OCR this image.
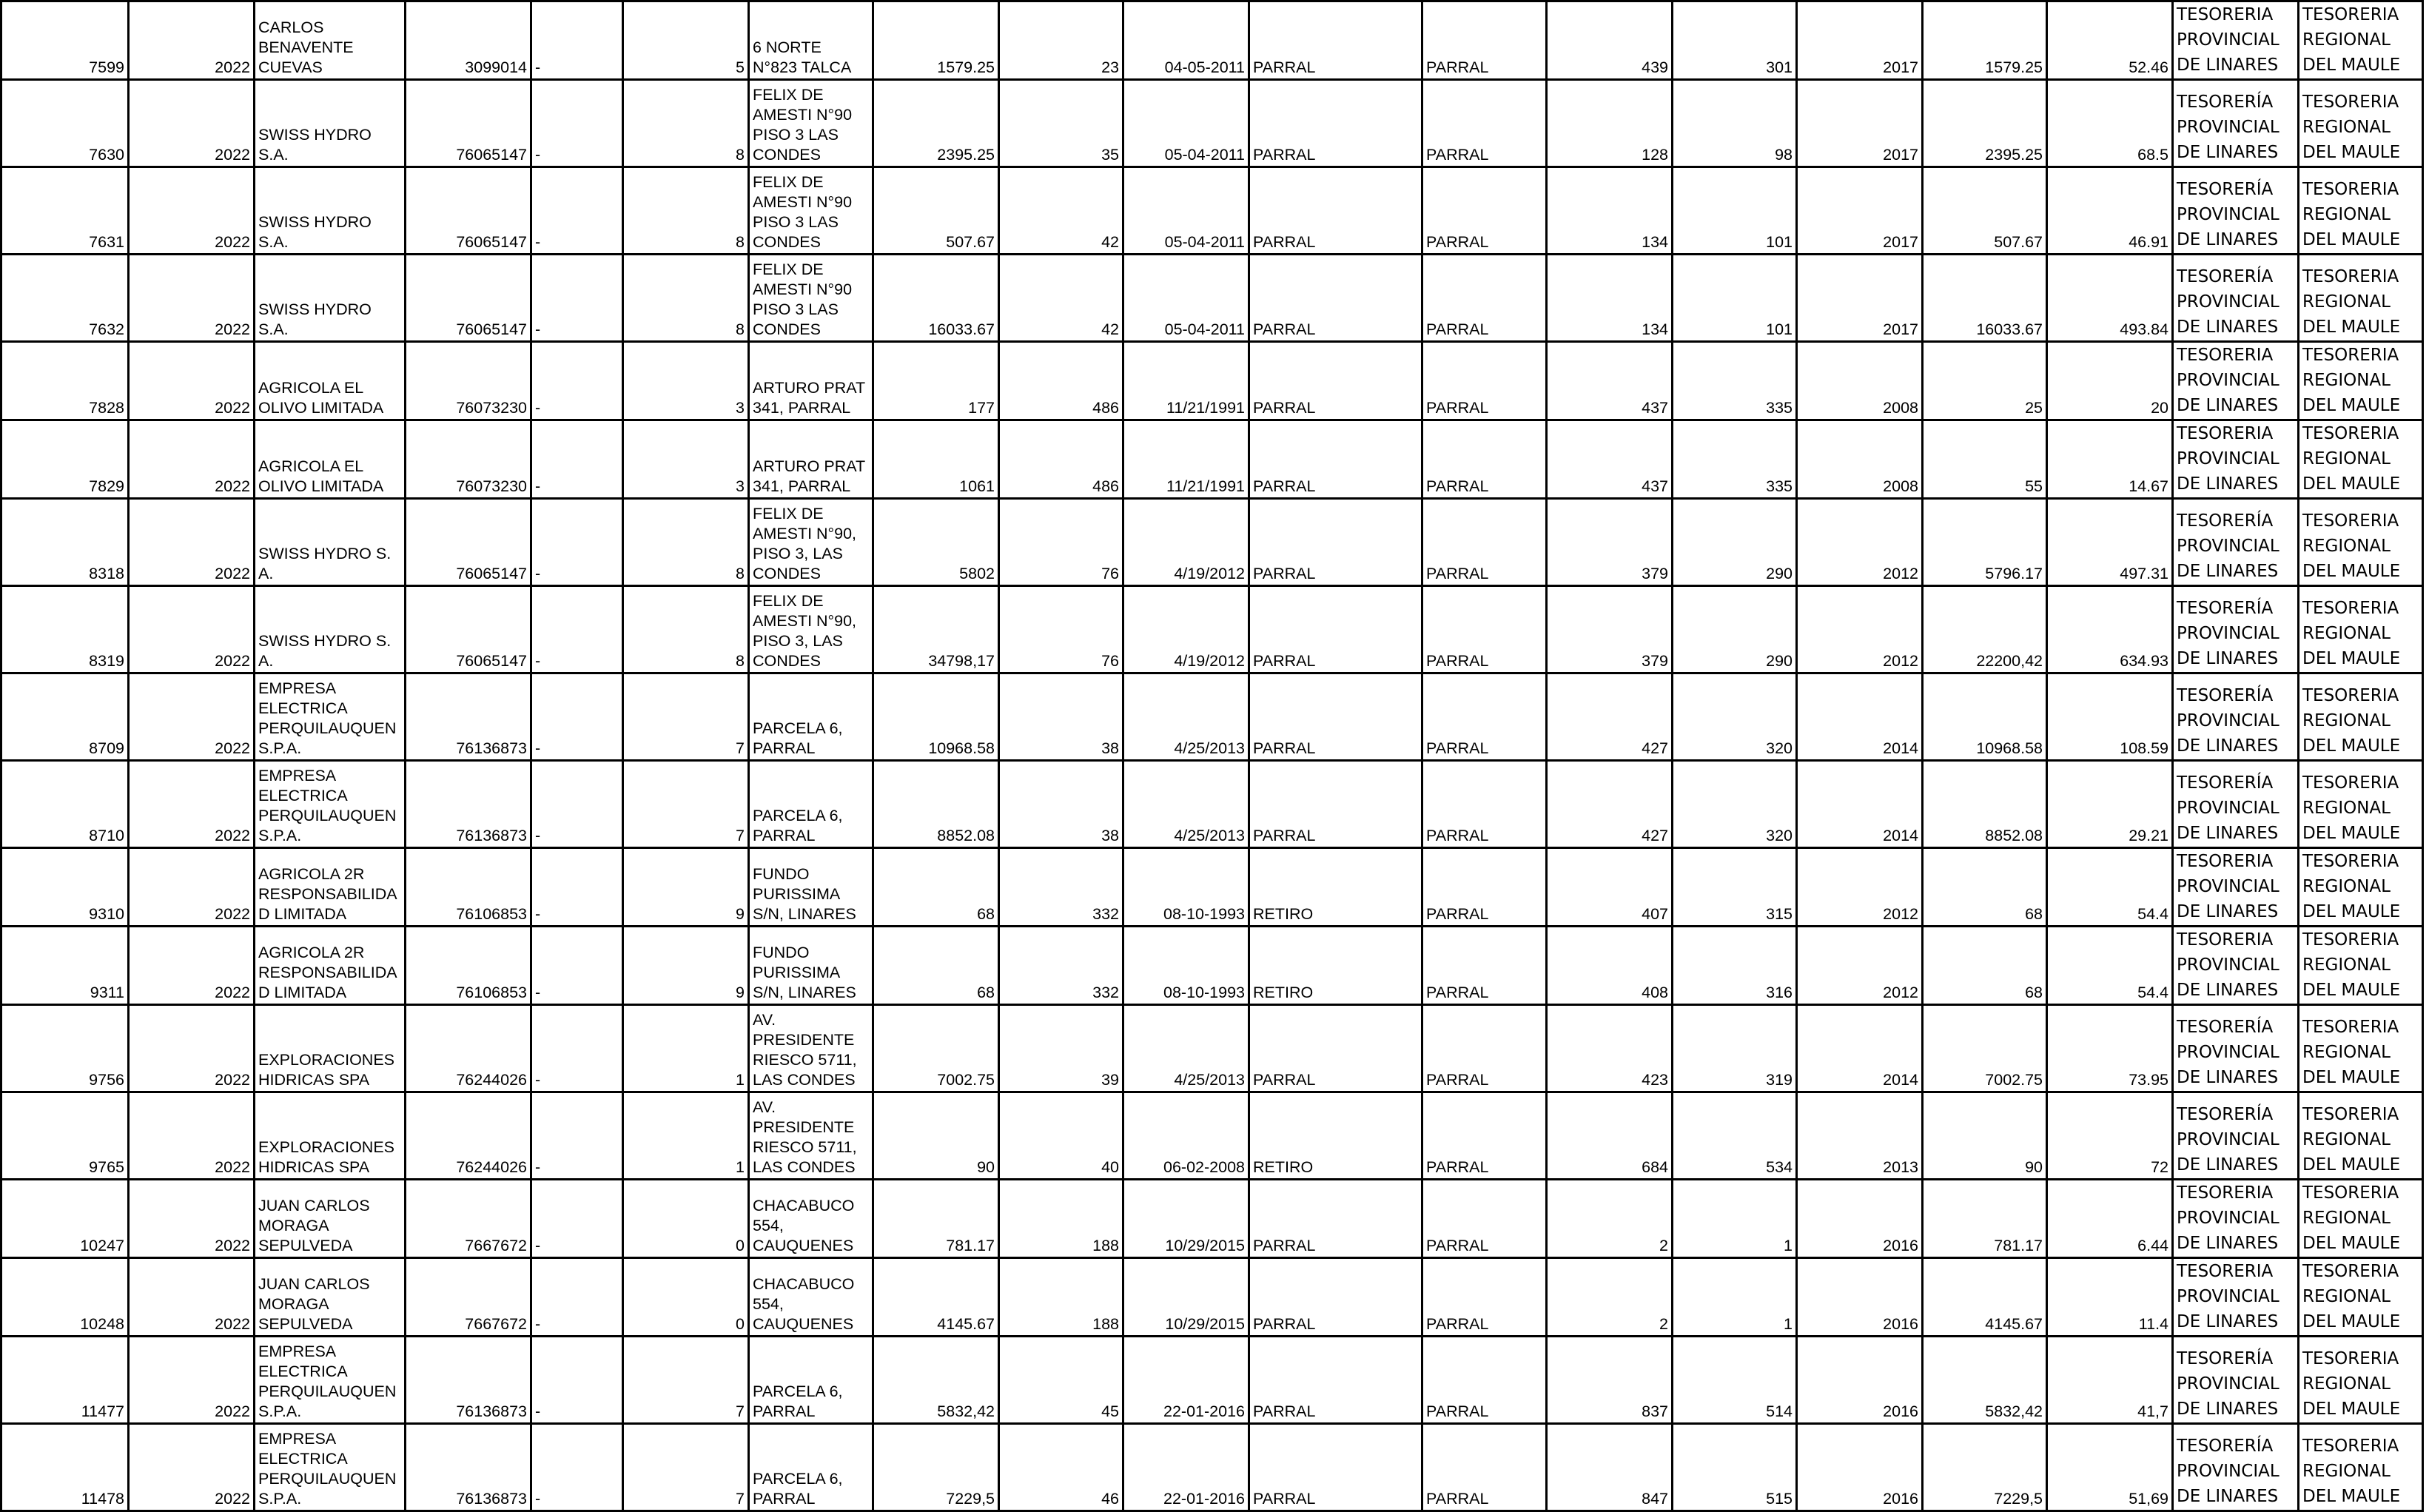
7599	2022	CARLOS BENAVENTE CUEVAS	3099014	-	5	6 NORTE N°823 TALCA	1579.25	23	04-05-2011	PARRAL	PARRAL	439	301	2017	1579.25	52.46	TESORERIA PROVINCIAL DE LINARES	TESORERIA REGIONAL DEL MAULE
7630	2022	SWISS HYDRO S.A.	76065147	-	8	FELIX DE AMESTI N°90 PISO 3 LAS CONDES	2395.25	35	05-04-2011	PARRAL	PARRAL	128	98	2017	2395.25	68.5	TESORERÍA PROVINCIAL DE LINARES	TESORERIA REGIONAL DEL MAULE
7631	2022	SWISS HYDRO S.A.	76065147	-	8	FELIX DE AMESTI N°90 PISO 3 LAS CONDES	507.67	42	05-04-2011	PARRAL	PARRAL	134	101	2017	507.67	46.91	TESORERÍA PROVINCIAL DE LINARES	TESORERIA REGIONAL DEL MAULE
7632	2022	SWISS HYDRO S.A.	76065147	-	8	FELIX DE AMESTI N°90 PISO 3 LAS CONDES	16033.67	42	05-04-2011	PARRAL	PARRAL	134	101	2017	16033.67	493.84	TESORERÍA PROVINCIAL DE LINARES	TESORERIA REGIONAL DEL MAULE
7828	2022	AGRICOLA EL OLIVO LIMITADA	76073230	-	3	ARTURO PRAT 341, PARRAL	177	486	11/21/1991	PARRAL	PARRAL	437	335	2008	25	20	TESORERIA PROVINCIAL DE LINARES	TESORERIA REGIONAL DEL MAULE
7829	2022	AGRICOLA EL OLIVO LIMITADA	76073230	-	3	ARTURO PRAT 341, PARRAL	1061	486	11/21/1991	PARRAL	PARRAL	437	335	2008	55	14.67	TESORERIA PROVINCIAL DE LINARES	TESORERIA REGIONAL DEL MAULE
8318	2022	SWISS HYDRO S. A.	76065147	-	8	FELIX DE AMESTI N°90, PISO 3, LAS CONDES	5802	76	4/19/2012	PARRAL	PARRAL	379	290	2012	5796.17	497.31	TESORERÍA PROVINCIAL DE LINARES	TESORERIA REGIONAL DEL MAULE
8319	2022	SWISS HYDRO S. A.	76065147	-	8	FELIX DE AMESTI N°90, PISO 3, LAS CONDES	34798,17	76	4/19/2012	PARRAL	PARRAL	379	290	2012	22200,42	634.93	TESORERÍA PROVINCIAL DE LINARES	TESORERIA REGIONAL DEL MAULE
8709	2022	EMPRESA ELECTRICA PERQUILAUQUEN S.P.A.	76136873	-	7	PARCELA 6, PARRAL	10968.58	38	4/25/2013	PARRAL	PARRAL	427	320	2014	10968.58	108.59	TESORERÍA PROVINCIAL DE LINARES	TESORERIA REGIONAL DEL MAULE
8710	2022	EMPRESA ELECTRICA PERQUILAUQUEN S.P.A.	76136873	-	7	PARCELA 6, PARRAL	8852.08	38	4/25/2013	PARRAL	PARRAL	427	320	2014	8852.08	29.21	TESORERÍA PROVINCIAL DE LINARES	TESORERIA REGIONAL DEL MAULE
9310	2022	AGRICOLA 2R RESPONSABILIDA D LIMITADA	76106853	-	9	FUNDO PURISSIMA S/N, LINARES	68	332	08-10-1993	RETIRO	PARRAL	407	315	2012	68	54.4	TESORERIA PROVINCIAL DE LINARES	TESORERIA REGIONAL DEL MAULE
9311	2022	AGRICOLA 2R RESPONSABILIDA D LIMITADA	76106853	-	9	FUNDO PURISSIMA S/N, LINARES	68	332	08-10-1993	RETIRO	PARRAL	408	316	2012	68	54.4	TESORERIA PROVINCIAL DE LINARES	TESORERIA REGIONAL DEL MAULE
9756	2022	EXPLORACIONES HIDRICAS SPA	76244026	-	1	AV. PRESIDENTE RIESCO 5711, LAS CONDES	7002.75	39	4/25/2013	PARRAL	PARRAL	423	319	2014	7002.75	73.95	TESORERÍA PROVINCIAL DE LINARES	TESORERIA REGIONAL DEL MAULE
9765	2022	EXPLORACIONES HIDRICAS SPA	76244026	-	1	AV. PRESIDENTE RIESCO 5711, LAS CONDES	90	40	06-02-2008	RETIRO	PARRAL	684	534	2013	90	72	TESORERÍA PROVINCIAL DE LINARES	TESORERIA REGIONAL DEL MAULE
10247	2022	JUAN CARLOS MORAGA SEPULVEDA	7667672	-	0	CHACABUCO 554, CAUQUENES	781.17	188	10/29/2015	PARRAL	PARRAL	2	1	2016	781.17	6.44	TESORERIA PROVINCIAL DE LINARES	TESORERIA REGIONAL DEL MAULE
10248	2022	JUAN CARLOS MORAGA SEPULVEDA	7667672	-	0	CHACABUCO 554, CAUQUENES	4145.67	188	10/29/2015	PARRAL	PARRAL	2	1	2016	4145.67	11.4	TESORERIA PROVINCIAL DE LINARES	TESORERIA REGIONAL DEL MAULE
11477	2022	EMPRESA ELECTRICA PERQUILAUQUEN S.P.A.	76136873	-	7	PARCELA 6, PARRAL	5832,42	45	22-01-2016	PARRAL	PARRAL	837	514	2016	5832,42	41,7	TESORERÍA PROVINCIAL DE LINARES	TESORERIA REGIONAL DEL MAULE
11478	2022	EMPRESA ELECTRICA PERQUILAUQUEN S.P.A.	76136873	-	7	PARCELA 6, PARRAL	7229,5	46	22-01-2016	PARRAL	PARRAL	847	515	2016	7229,5	51,69	TESORERÍA PROVINCIAL DE LINARES	TESORERIA REGIONAL DEL MAULE
